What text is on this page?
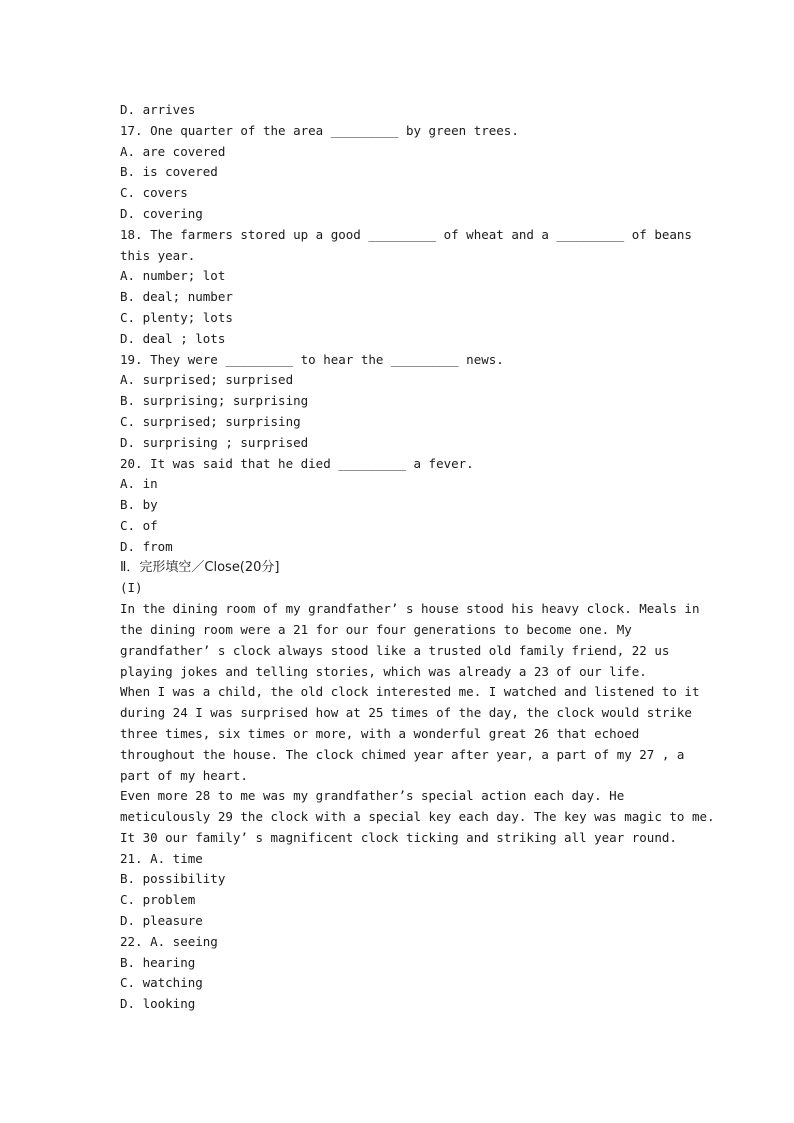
D. arrives
17. One quarter of the area _________ by green trees.
A. are covered
B. is covered
C. covers
D. covering
18. The farmers stored up a good _________ of wheat and a _________ of beans
this year.
A. number; lot
B. deal; number
C. plenty; lots
D. deal ; lots
19. They were _________ to hear the _________ news.
A. surprised; surprised
B. surprising; surprising
C. surprised; surprising
D. surprising ; surprised
20. It was said that he died _________ a fever.
A. in
B. by
C. of
D. from
Ⅱ．完形填空／Close(20分]
(I)
In the dining room of my grandfather’ s house stood his heavy clock. Meals in
the dining room were a 21 for our four generations to become one. My
grandfather’ s clock always stood like a trusted old family friend, 22 us
playing jokes and telling stories, which was already a 23 of our life.
When I was a child, the old clock interested me. I watched and listened to it
during 24 I was surprised how at 25 times of the day, the clock would strike
three times, six times or more, with a wonderful great 26 that echoed
throughout the house. The clock chimed year after year, a part of my 27 , a
part of my heart.
Even more 28 to me was my grandfather’s special action each day. He
meticulously 29 the clock with a special key each day. The key was magic to me.
It 30 our family’ s magnificent clock ticking and striking all year round.
21. A. time
B. possibility
C. problem
D. pleasure
22. A. seeing
B. hearing
C. watching
D. looking
